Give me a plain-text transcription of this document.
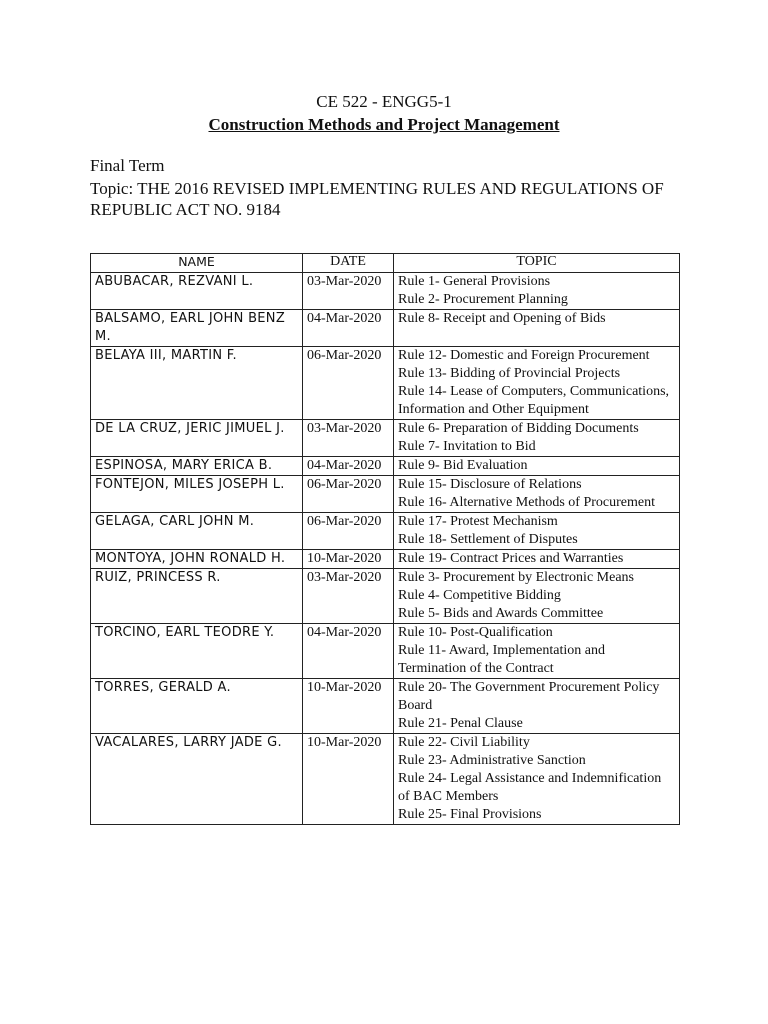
CE 522 - ENGG5-1
Construction Methods and Project Management
Final Term
Topic: THE 2016 REVISED IMPLEMENTING RULES AND REGULATIONS OF REPUBLIC ACT NO. 9184
NAME	DATE	TOPIC
ABUBACAR, REZVANI L.	03-Mar-2020	Rule 1- General Provisions
Rule 2- Procurement Planning

BALSAMO, EARL JOHN BENZ M.	04-Mar-2020	Rule 8- Receipt and Opening of Bids

BELAYA III, MARTIN F.	06-Mar-2020	Rule 12- Domestic and Foreign Procurement
Rule 13- Bidding of Provincial Projects
Rule 14- Lease of Computers, Communications, Information and Other Equipment

DE LA CRUZ, JERIC JIMUEL J.	03-Mar-2020	Rule 6- Preparation of Bidding Documents
Rule 7- Invitation to Bid

ESPINOSA, MARY ERICA B.	04-Mar-2020	Rule 9- Bid Evaluation

FONTEJON, MILES JOSEPH L.	06-Mar-2020	Rule 15- Disclosure of Relations
Rule 16- Alternative Methods of Procurement

GELAGA, CARL JOHN M.	06-Mar-2020	Rule 17- Protest Mechanism
Rule 18- Settlement of Disputes

MONTOYA, JOHN RONALD H.	10-Mar-2020	Rule 19- Contract Prices and Warranties

RUIZ, PRINCESS R.	03-Mar-2020	Rule 3- Procurement by Electronic Means
Rule 4- Competitive Bidding
Rule 5- Bids and Awards Committee

TORCINO, EARL TEODRE Y.	04-Mar-2020	Rule 10- Post-Qualification
Rule 11- Award, Implementation and Termination of the Contract

TORRES, GERALD A.	10-Mar-2020	Rule 20- The Government Procurement Policy Board
Rule 21- Penal Clause

VACALARES, LARRY JADE G.	10-Mar-2020	Rule 22- Civil Liability
Rule 23- Administrative Sanction
Rule 24- Legal Assistance and Indemnification of BAC Members
Rule 25- Final Provisions
